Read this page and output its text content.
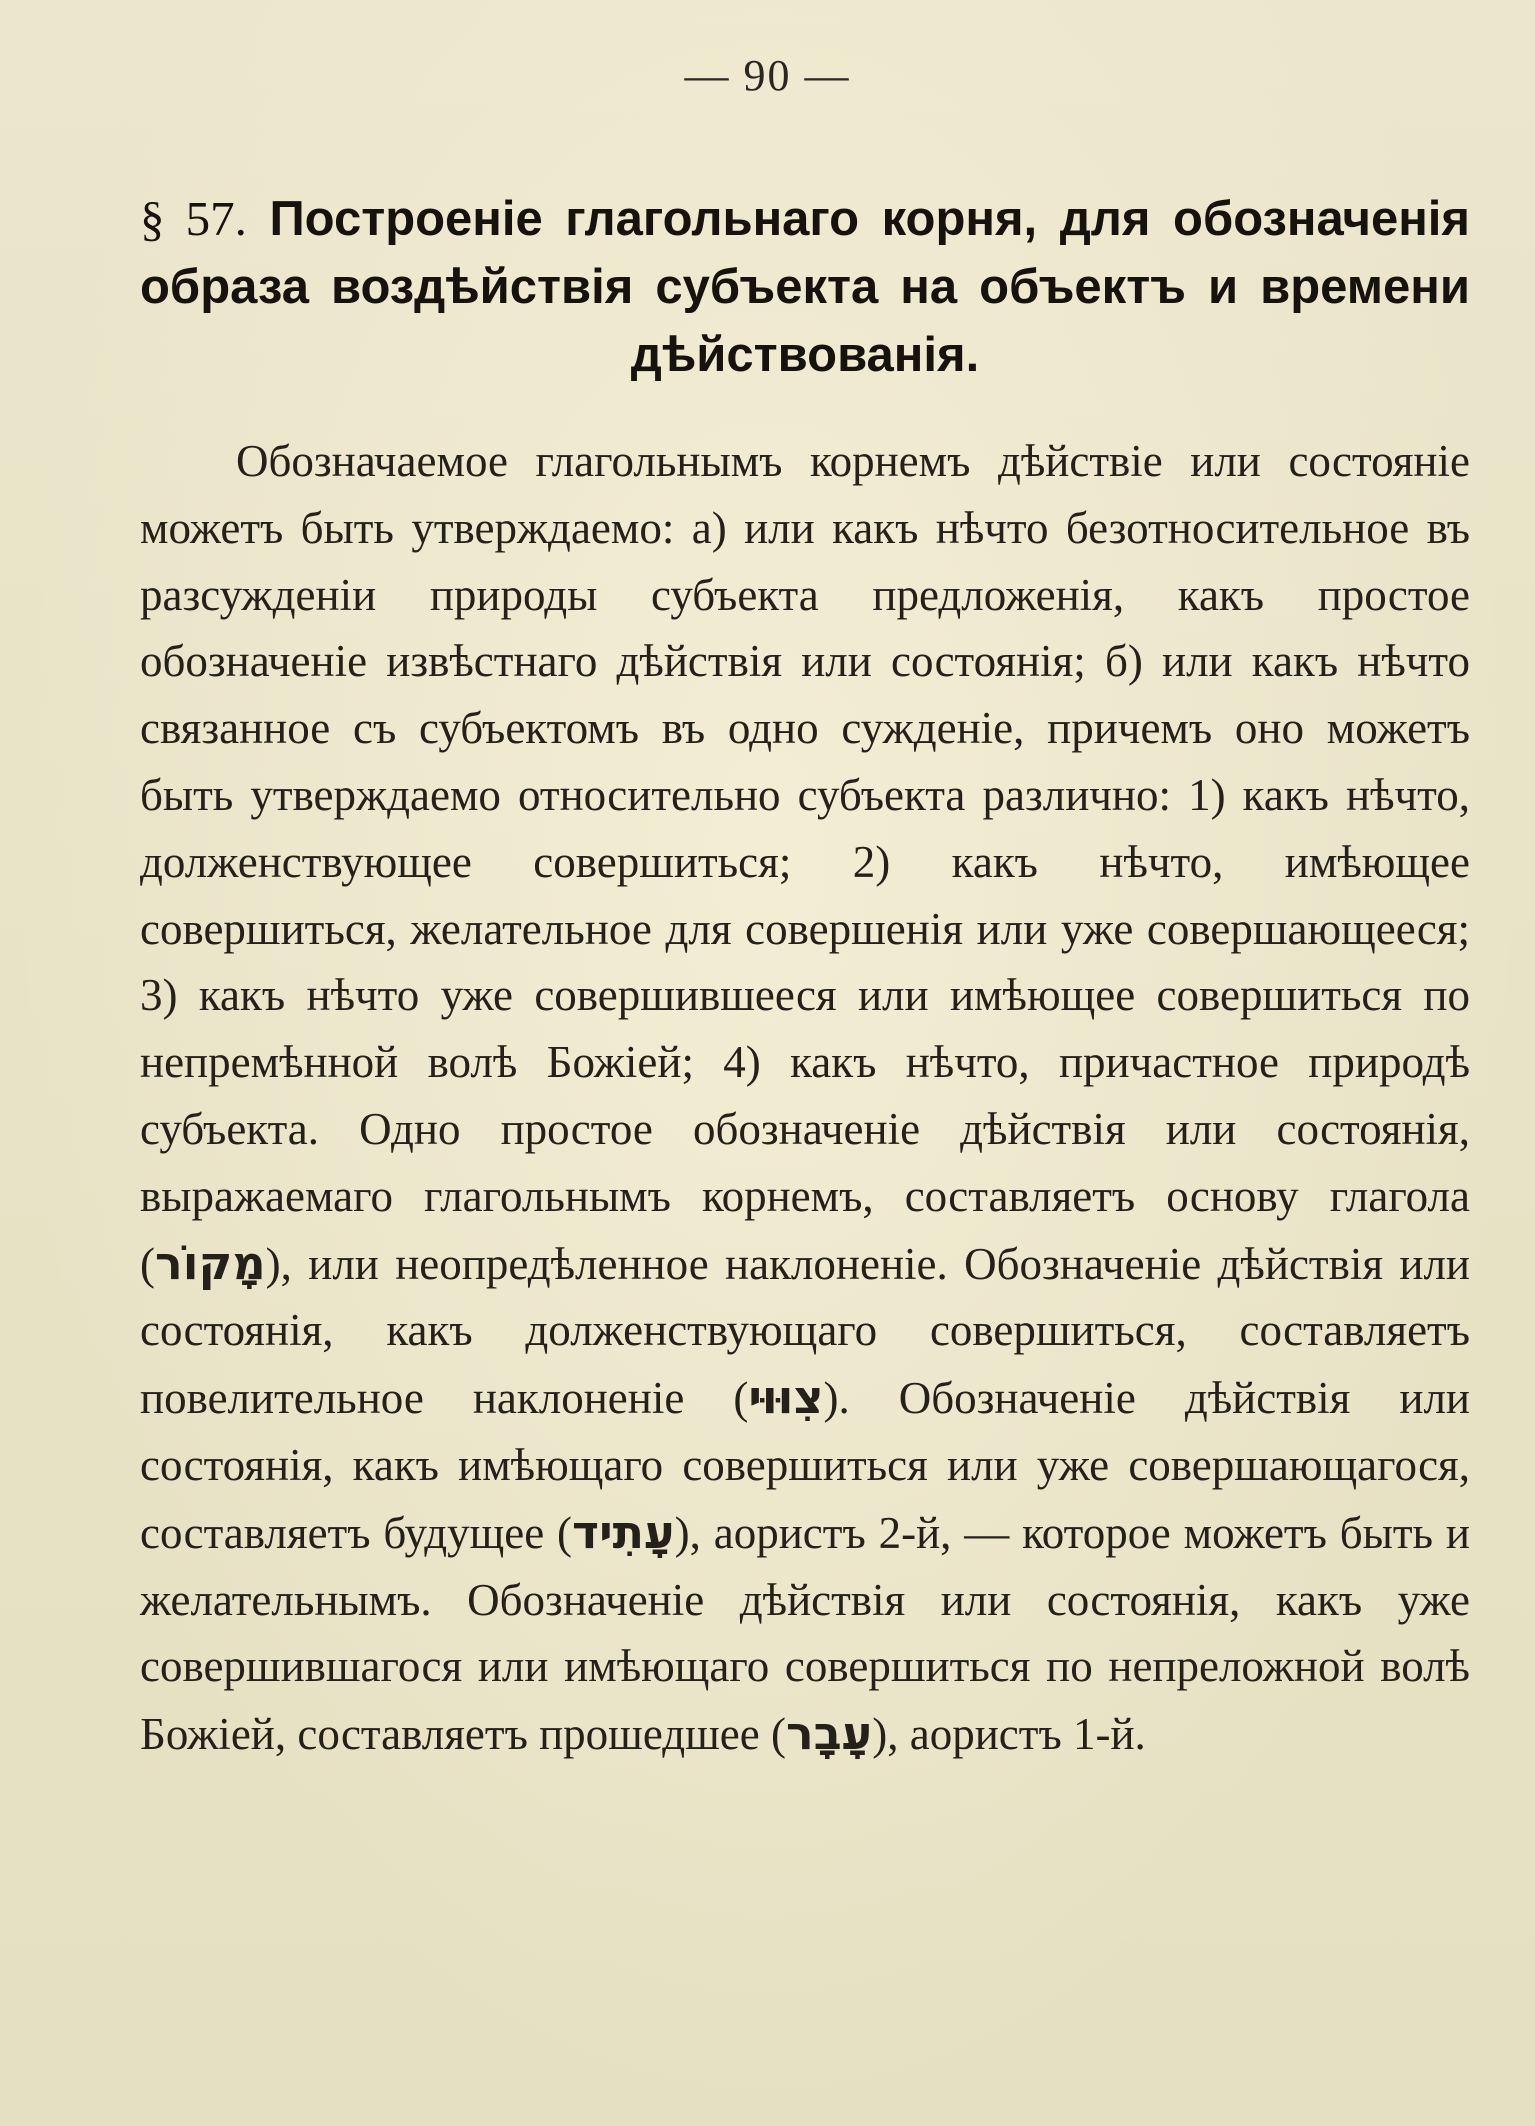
— 90 —
§ 57. Построеніе глагольнаго корня, для обозначенія образа воздѣйствія субъекта на объектъ и времени дѣйствованія.

Обозначаемое глагольнымъ корнемъ дѣйствіе или состояніе можетъ быть утверждаемо: а) или какъ нѣчто безотносительное въ разсужденіи природы субъекта предложенія, какъ простое обозначеніе извѣстнаго дѣйствія или состоянія; б) или какъ нѣчто связанное съ субъектомъ въ одно сужденіе, причемъ оно можетъ быть утверждаемо относительно субъекта различно: 1) какъ нѣчто, долженствующее совершиться; 2) какъ нѣчто, имѣющее совершиться, желательное для совершенія или уже совершающееся; 3) какъ нѣчто уже совершившееся или имѣющее совершиться по непремѣнной волѣ Божіей; 4) какъ нѣчто, причастное природѣ субъекта. Одно простое обозначеніе дѣйствія или состоянія, выражаемаго глагольнымъ корнемъ, составляетъ основу глагола (מָקוֹר), или неопредѣленное наклоненіе. Обозначеніе дѣйствія или состоянія, какъ долженствующаго совершиться, составляетъ повелительное наклоненіе (צִוּוּי). Обозначеніе дѣйствія или состоянія, какъ имѣющаго совершиться или уже совершающагося, составляетъ будущее (עָתִיד), аористъ 2-й, — которое можетъ быть и желательнымъ. Обозначеніе дѣйствія или состоянія, какъ уже совершившагося или имѣющаго совершиться по непреложной волѣ Божіей, составляетъ прошедшее (עָבָר), аористъ 1-й.
